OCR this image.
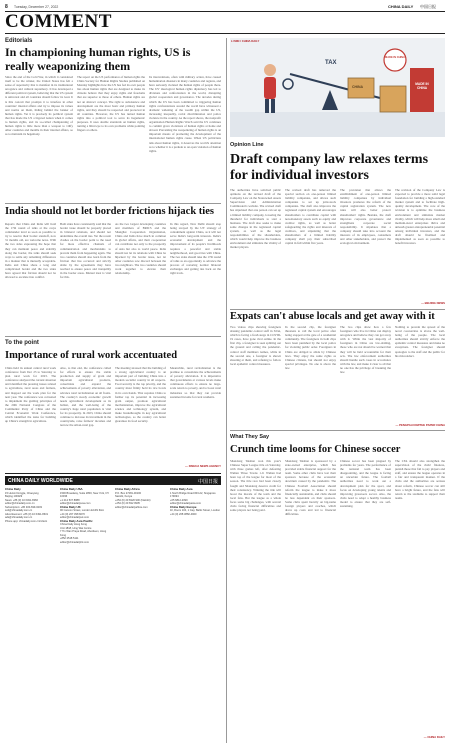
8 Tuesday, December 27, 2022	CHINA DAILY 中国日报
COMMENT
Editorials
In championing human rights, US is really weaponizing them
Since the end of the Cold War, in which it considered itself to be the winner, the United States has felt a sense of superiority that is manifest in its institutional arrogance and cultural supremacy. It has developed a different political system, believing that the US system is universal and all countries should follow its lead. It is this conceit that prompts it to interfere in other countries' internal affairs and try to impose its values and norms on them, hiding behind the banner of human rights. Yet it is precisely its political system that has made the US a bigoted nation when it comes to human rights, and its so-called championing of human rights is little more than a weapon to vilify other countries and meddle in their internal affairs, so as to maintain its hegemony.
The report on the US performance of human rights the China Society for Human Rights Studies published on Monday highlights how the US has fed its own people lies about human rights that are designed to make its citizens believe that they enjoy rights and freedoms that are superior to those of others. Human rights are not an abstract concept. The right to subsistence and development are the most basic and primary human rights, and they should be respected and protected in all countries. However, the US has turned human rights into a political tool to serve its hegemonic purposes. It uses double standards on human rights, turning a blind eye to its own problems while pointing fingers at others.
Its interventions, often with military action, have caused humanitarian disasters in many countries and regions, and have seriously violated the human rights of people there. The US' ideological human rights diplomacy has led to divisions and confrontation in the world, disrupting global cooperation and governance. The decades during which the US has been committed to triggering human rights confrontations around the world have witnessed a dramatic widening of the wealth gap within the US, increasing inequality, racial discrimination and police violence in the country. As the report shows, the nonprofit organization Human Rights Watch said the US continues to commit grave violations of human rights at home and abroad. Preventing the weaponizing of human rights is an important means of promoting the development of the international human rights cause. When US politicians talk about human rights, it deserves the world's attention as to whether it is a prelude to an open violation of human rights.
India should not let border frictions hijack ties
Reports that China and India will hold the 17th round of talks at the corps commander level as soon as possible to try to resolve their border standoff, now 31 months old, are welcome news. With the two sides expressing the hope that they can maintain peace and stability along the border, the talks should seek ways to settle any remaining differences in a manner that is mutually acceptable. India and China share a long and complicated border and the two sides have agreed that friction should not be allowed to escalate into conflict.
Both sides have consistently said that the border issue should be properly placed in bilateral relations, and should not undermine the overall ties. Yet the recent clashes on the border point to the need for more effective channels of communication and mechanisms to prevent them from happening again. The two countries should also learn from the friction that has occurred and strictly abide by the agreements they have reached to ensure peace and tranquility in the border areas. Mutual trust is vital for this.
As the two largest developing countries and members of BRICS and the Shanghai Cooperation Organization, China and India have much in common in global affairs, and their cooperation can contribute not only to the prosperity of Asia but also to world peace. India should not let its relations with China be hijacked by the border issue, nor let other countries sow discord between the two neighbors. The two countries should work together to elevate their relationship.
In this regard, New Delhi should stop being swayed by the US' strategy of containment against China, as it will not serve India's long-term interests. India's economic development and the improvement of its people's livelihoods requires a peaceful and stable neighborhood, and good ties with China. The two sides should take the 17th round of talks as an opportunity to advance the process of restoring normal bilateral exchanges and getting ties back on the right track.
To the point
Importance of rural work accentuated
China held its annual central rural work conference from Dec 23 to Saturday to plan rural work for 2023. The conference analyzed the current situation and identified the pressing issues related to agriculture, rural areas and farmers, and mapped out the work plan for the next year. The conference was convened to implement the guiding principles of the 20th National Congress of the Communist Party of China and the Central Economic Work Conference, which identified the tasks for building up China's strength in agriculture.
Also, to that end, the conference called for efforts to ensure the stable production and supply of grain and important agricultural products, consolidate and expand the achievements of poverty alleviation, and advance rural revitalization on all fronts. The country's steady economic growth needs agricultural development as its ballast, and the well-being of the country's huge rural population is vital for its prosperity. In 2023, China should continue to increase its investment in the countryside, raise farmers' incomes and narrow the urban-rural gap.
The meeting stressed that the building of a strong agricultural country is an important part of building China into a modern socialist country in all respects. Food security is the top priority, and the country must firmly hold its rice bowls in its own hands. That requires China to further tap its potential in increasing grain output, promote agricultural mechanization, improve the agricultural science and technology system, and make breakthroughs in key agricultural technologies, so the country can better guarantee its food security.
Meanwhile, rural revitalization is the premise to consolidate the achievements of poverty alleviation. It is imperative that governments at various levels make continuous efforts to ensure no large-scale return to poverty, and to boost rural industries so that they can provide sustained income for rural residents.
— XINHUA NEWS AGENCY
CHINA DAILY WORLDWIDE	中国日报
China Daily
15 Huixin Dongjie, Chaoyang
Beijing 100029
News: +86 (0) 10 6491-8366
editor@chinadaily.com.cn
Subscription: +86 400-699-0203
sub@chinadaily.com.cn
Advertisement: +86 (0) 10 6491-8631
ads@chinadaily.com.cn
Phone app: chinadaily.com.cn/rclient
China Daily USA
1500 Broadway, Suite 2800, New York, NY 10036
+1 212 537 8888
editor@chinadailyusa.com
China Daily UK
90 Cannon Street, London EC4N 6HA
+44 (0) 207 398 8270
editor@chinadailyuk.com
China Daily Asia Pacific
China Daily Hong Kong
Unit 1818, Hing Wai Centre
7 Tin Wan Praya Road, Aberdeen, Hong Kong
+852 2518 5111
editor@chinadailyhk.com
China Daily Africa
P.O. Box 27281-00100
Nairobi, Kenya
+254 (0) 20 6920 900 (Nairobi)
+254 (0) 20 692 0905
editor@chinadailyafrica.com
China Daily Asia
1 North Bridge Road #03-22, Singapore 179094
+65 6812-2099
editor@chinadailyasia.com
China Daily Europe
1F, Room 104, 1 Cap, Baltic Street, London
+44 (0) 208 3882-4900
TAX
MADE IN CHINA
MADE IN CHINA
CHINA
LI MIN / CHINA DAILY
Opinion Line
Draft company law relaxes terms for individual investors
The authorities have solicited public opinions on the revised draft of the Company Law on the Stateowned Assets Supervision and Administration Commission's website. The revised draft has stipulated that one person can set up a limited liability company, lowering the threshold for individuals to start a business. The draft also seeks to make some changes in the registered capital system, as well as the legal responsibilities of the shareholders, which would help improve the business environment and stimulate the vitality of market players.
The revised draft has removed the special section on one-person limited liability companies, and allows such companies to set up joint-stock companies. The draft also improves the registered capital system and encourages shareholders to contribute capital with non-monetary assets such as equity and creditor rights, as well as better safeguarding the rights and interests of creditors, and stipulating that the shareholders of a limited liability company shall pay their subscribed capital in full within five years.
The provision that allows the establishment of one-person limited liability companies by individual investors promotes the reform of the capital registration system. The new rules will also better protect shareholders' rights. Besides, the draft improves corporate governance and strengthens corporate social responsibility. It stipulates that a company should take into account the interests of its employees, consumers and other stakeholders, and protect the ecological environment.
The revision of the Company Law is expected to provide a more solid legal foundation for building a high-standard market system and to facilitate high-quality development. The core of the revision is to optimize the business environment and stimulate market vitality, which will help more small and medium-sized enterprises thrive and unleash greater entrepreneurial potential among individual investors, and the draft should be finalized and implemented as soon as possible to benefit investors.
— BEIJING NEWS
Expats can't abuse locals and get away with it
Two videos clips showing foreigners abusing pandemic-control staff in Xi'an, which is facing a fresh surge in COVID-19 cases, have gone viral online. In the first clip, a foreigner is seen splitting out the ground and calling the pandemic-control staff members names, while in the second one, a foreigner is shown shouting at them, and refusing to follow local epidemic control measures.
In the second clip, the foreigner threatens to call the local police after being stopped at the gate of a residential community. The foreigners in both clips have been punished by the local police for violating public order. Foreigners in China are obliged to abide by Chinese laws. They enjoy the same rights as Chinese citizens, but should not enjoy special privileges. No one is above the law.
The two clips show how a few foreigners who live in China can display arrogance and believe they can get away with it. While the vast majority of foreigners in China are law-abiding, those who are not should be warned that they will be held accountable for their acts. The law enforcement authorities should handle such cases in accordance with the law, and make it clear to all that no one has the privilege of breaking the law.
Nothing to prevent the spread of the novel coronavirus is above the well-being of the people. The local authorities should strictly enforce the epidemic control measures and make no exceptions. The foreigner should apologize to the staff and the public for his misconduct.
— PENGPAI.COM/THE PAPER CHINA
What They Say
Crunch time looms for Chinese soccer
Shandong Taishan won this year's Chinese Super League title on Saturday, with three games left, after defeating Wuhan Three Towns 1-0. Wuhan had been top of the league for most of the season. The title race had been closely fought and Shandong deserve credit for their consistency. Winning the title will boost the morale of the team and the local fans. But the league as a whole faces some big challenges, with several clubs facing financial difficulties and some players not being paid.
Shandong Taishan is sponsored by a state-owned enterprise, which has provided stable financial support for the team. Some other clubs have lost their sponsors because of the economic downturn caused by the pandemic. The Chinese Football Association should reform the league to make it more financially sustainable, and clubs should be less dependent on their sponsors. Some clubs spent heavily on big-name foreign players and coaches, which drove up costs and led to financial difficulties.
Chinese soccer has been plagued by problems for years. The performance of the national team has been disappointing, and the league is facing an uncertain future. The football authorities need to work out a development plan for the sport, and focus on developing young talents and improving grassroots soccer. Also, the clubs need to adopt a healthy business model to ensure that they are self-sustaining.
The CFA should also strengthen the supervision of the clubs' finances, punish those that fail to pay players and staff, and ensure the league operates in a fair and transparent manner. If the clubs and the authorities are serious about reform, Chinese soccer can still have a bright future, and the fans will return to the stadiums to support their teams.
— CHINA DAILY
